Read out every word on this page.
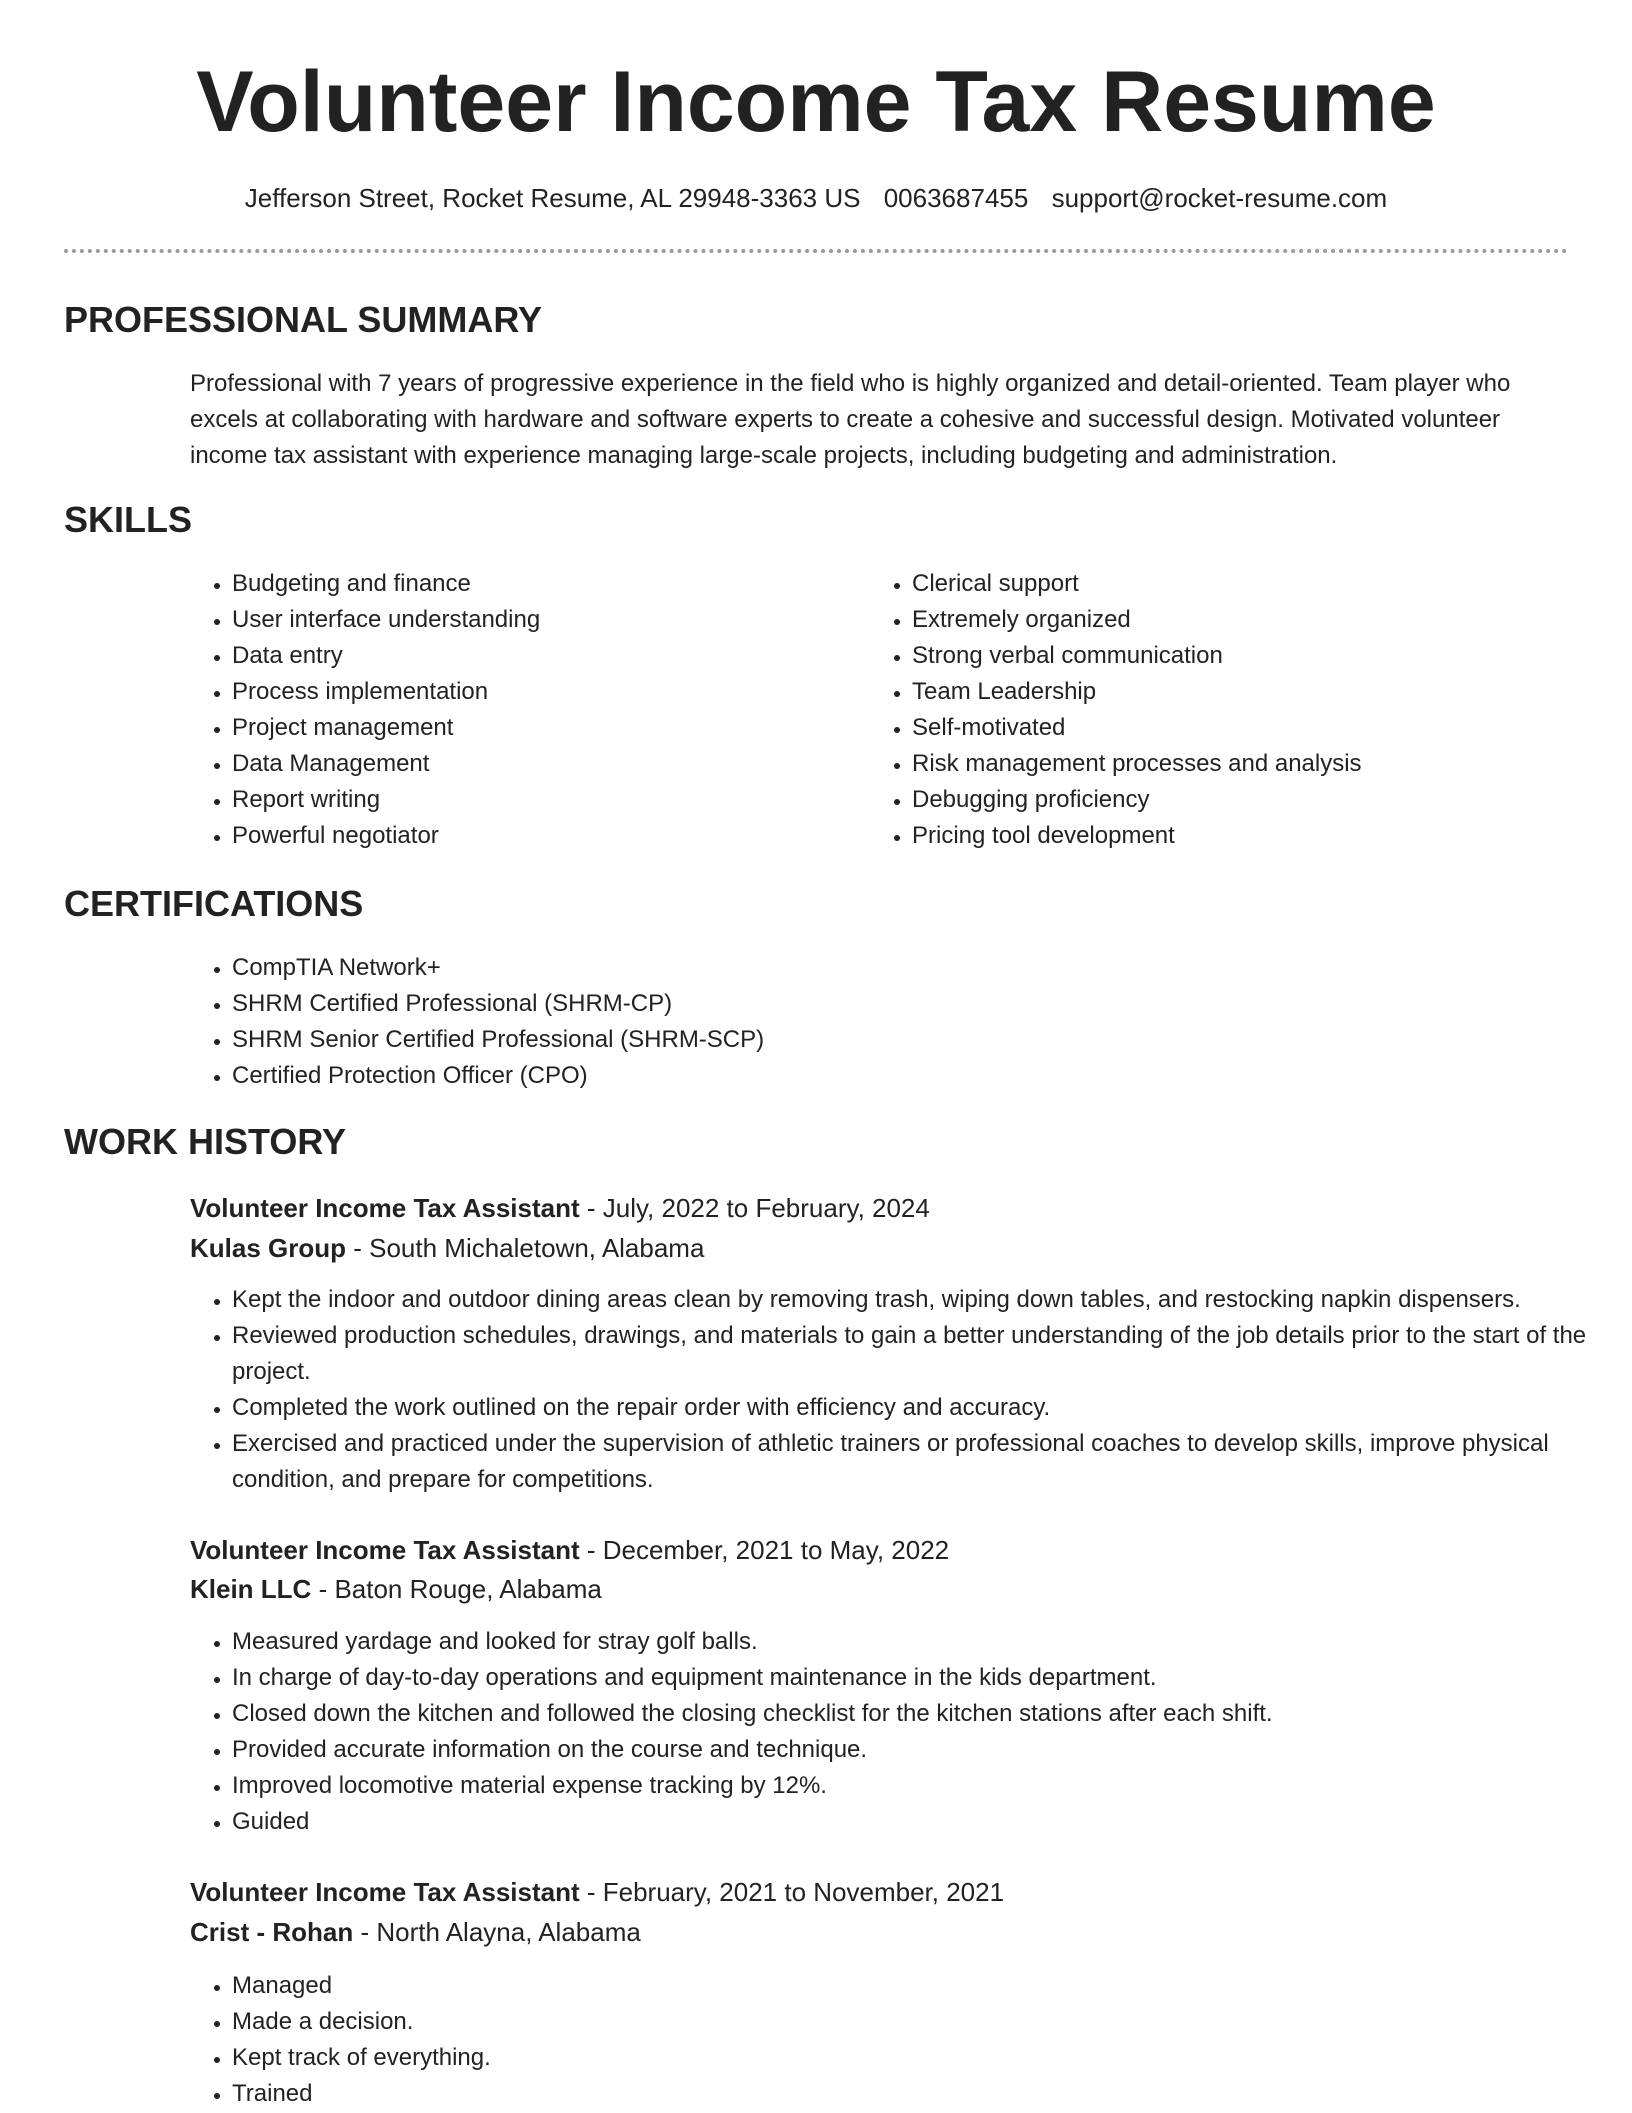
Volunteer Income Tax Resume
Jefferson Street, Rocket Resume, AL 29948-3363 US 0063687455 support@rocket-resume.com
PROFESSIONAL SUMMARY

Professional with 7 years of progressive experience in the field who is highly organized and detail-oriented. Team player who excels at collaborating with hardware and software experts to create a cohesive and successful design. Motivated volunteer income tax assistant with experience managing large-scale projects, including budgeting and administration.

SKILLS
• Budgeting and finance
• User interface understanding
• Data entry
• Process implementation
• Project management
• Data Management
• Report writing
• Powerful negotiator
• Clerical support
• Extremely organized
• Strong verbal communication
• Team Leadership
• Self-motivated
• Risk management processes and analysis
• Debugging proficiency
• Pricing tool development
CERTIFICATIONS
• CompTIA Network+
• SHRM Certified Professional (SHRM-CP)
• SHRM Senior Certified Professional (SHRM-SCP)
• Certified Protection Officer (CPO)
WORK HISTORY
Volunteer Income Tax Assistant - July, 2022 to February, 2024
Kulas Group - South Michaletown, Alabama
• Kept the indoor and outdoor dining areas clean by removing trash, wiping down tables, and restocking napkin dispensers.
• Reviewed production schedules, drawings, and materials to gain a better understanding of the job details prior to the start of the project.
• Completed the work outlined on the repair order with efficiency and accuracy.
• Exercised and practiced under the supervision of athletic trainers or professional coaches to develop skills, improve physical condition, and prepare for competitions.
Volunteer Income Tax Assistant - December, 2021 to May, 2022
Klein LLC - Baton Rouge, Alabama
• Measured yardage and looked for stray golf balls.
• In charge of day-to-day operations and equipment maintenance in the kids department.
• Closed down the kitchen and followed the closing checklist for the kitchen stations after each shift.
• Provided accurate information on the course and technique.
• Improved locomotive material expense tracking by 12%.
• Guided
Volunteer Income Tax Assistant - February, 2021 to November, 2021
Crist - Rohan - North Alayna, Alabama
• Managed
• Made a decision.
• Kept track of everything.
• Trained
